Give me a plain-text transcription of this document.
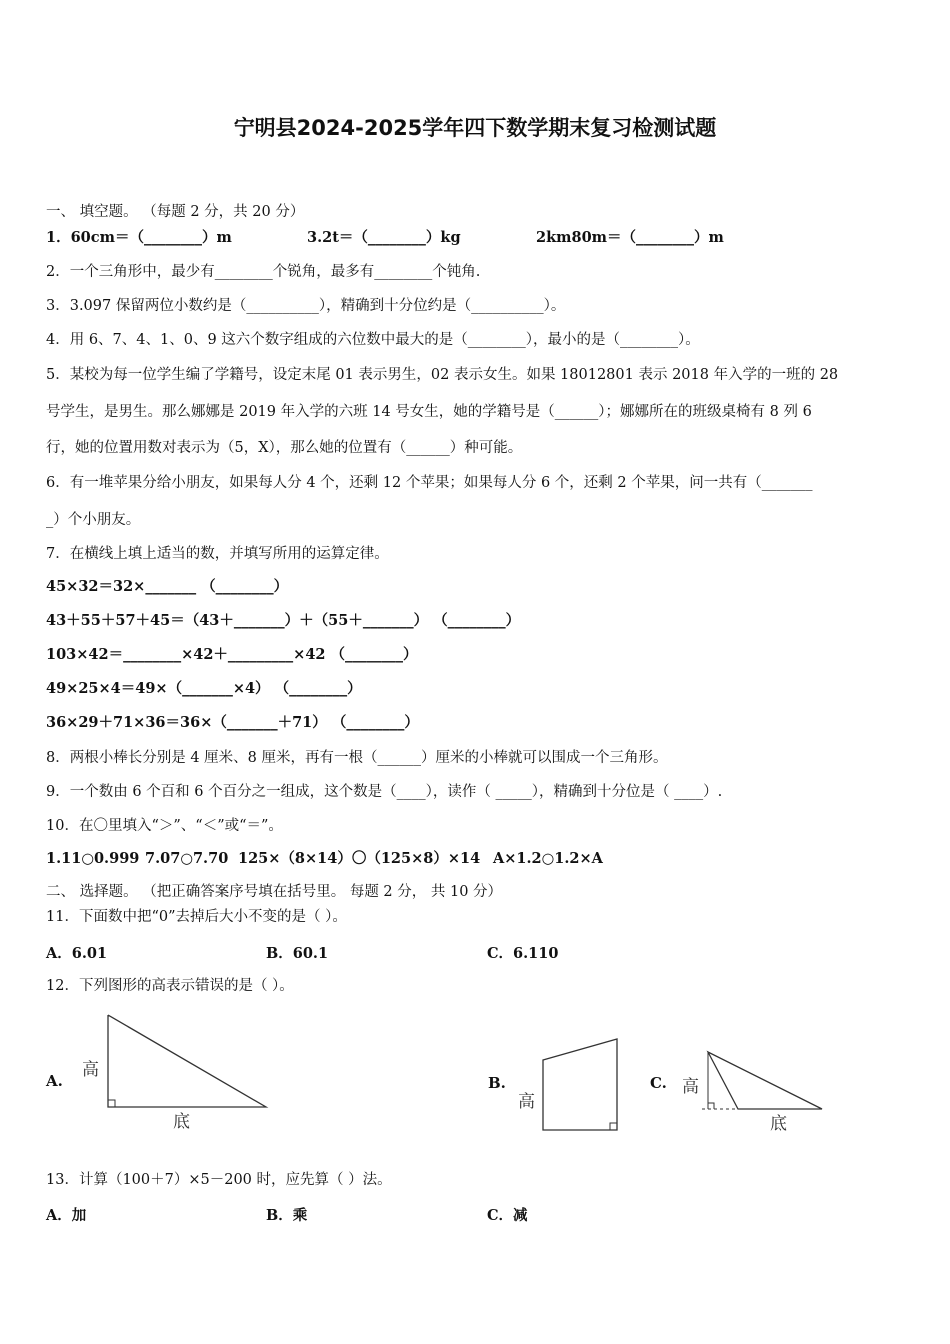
宁明县2024-2025学年四下数学期末复习检测试题
一、 填空题。 （每题 2 分，共 20 分）
1．60cm＝（________）m	3.2t＝（________）kg	2km80m＝（________）m
2．一个三角形中，最少有________个锐角，最多有________个钝角.
3．3.097 保留两位小数约是（__________），精确到十分位约是（__________）。
4．用 6、7、4、1、0、9 这六个数字组成的六位数中最大的是（________），最小的是（________）。
5．某校为每一位学生编了学籍号，设定末尾 01 表示男生，02 表示女生。如果 18012801 表示 2018 年入学的一班的 28
号学生，是男生。那么娜娜是 2019 年入学的六班 14 号女生，她的学籍号是（______）；娜娜所在的班级桌椅有 8 列 6
行，她的位置用数对表示为（5，X），那么她的位置有（______）种可能。
6．有一堆苹果分给小朋友，如果每人分 4 个，还剩 12 个苹果；如果每人分 6 个，还剩 2 个苹果，问一共有（_______
_）个小朋友。
7．在横线上填上适当的数，并填写所用的运算定律。
45×32＝32×_______ （________）
43＋55＋57＋45＝（43＋_______）＋（55＋_______） （________）
103×42＝________×42＋_________×42 （________）
49×25×4＝49×（_______×4） （________）
36×29＋71×36＝36×（_______＋71） （________）
8．两根小棒长分别是 4 厘米、8 厘米，再有一根（______）厘米的小棒就可以围成一个三角形。
9．一个数由 6 个百和 6 个百分之一组成，这个数是（____），读作（ _____），精确到十分位是（ ____）.
10．在〇里填入“＞”、“＜”或“＝”。
1.11○0.999 7.07○7.70 125×（8×14）〇（125×8）×14 A×1.2○1.2×A
二、 选择题。 （把正确答案序号填在括号里。 每题 2 分， 共 10 分）
11．下面数中把“0”去掉后大小不变的是（ ）。
A．6.01	B．60.1	C．6.110
12．下列图形的高表示错误的是（ ）。
A.
高
底
B.
高
C. 高
底
13．计算（100＋7）×5－200 时，应先算（ ）法。
A．加	B．乘	C．减
